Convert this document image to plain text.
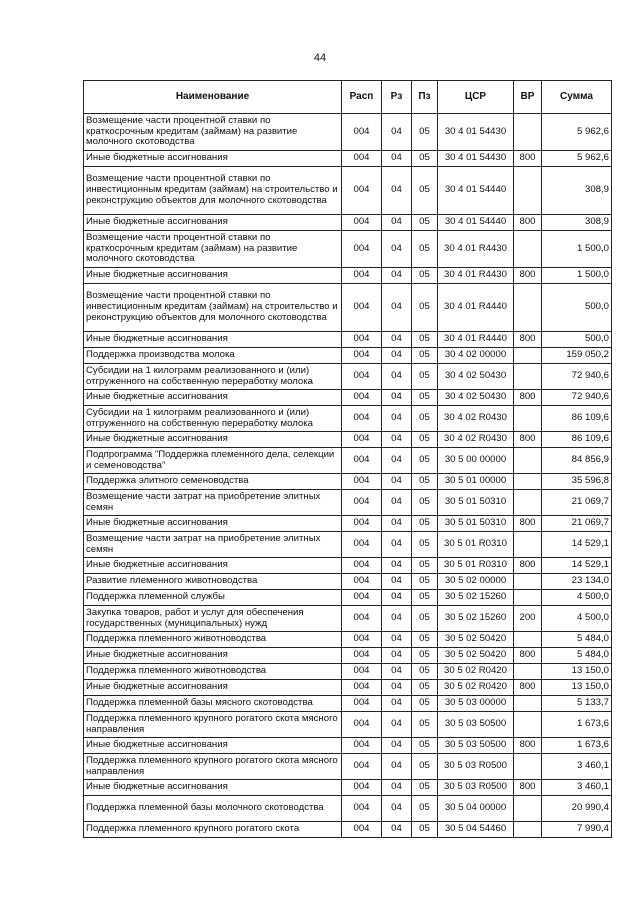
44
Наименование	Расп	Рз	Пз	ЦСР	ВР	Сумма
Возмещение части процентной ставки по краткосрочным кредитам (займам) на развитие молочного скотоводства	004	04	05	30 4 01 54430		5 962,6
Иные бюджетные ассигнования	004	04	05	30 4 01 54430	800	5 962,6
Возмещение части процентной ставки по инвестиционным кредитам (займам) на строительство и реконструкцию объектов для молочного скотоводства	004	04	05	30 4 01 54440		308,9
Иные бюджетные ассигнования	004	04	05	30 4 01 54440	800	308,9
Возмещение части процентной ставки по краткосрочным кредитам (займам) на развитие молочного скотоводства	004	04	05	30 4 01 R4430		1 500,0
Иные бюджетные ассигнования	004	04	05	30 4 01 R4430	800	1 500,0
Возмещение части процентной ставки по инвестиционным кредитам (займам) на строительство и реконструкцию объектов для молочного скотоводства	004	04	05	30 4 01 R4440		500,0
Иные бюджетные ассигнования	004	04	05	30 4 01 R4440	800	500,0
Поддержка производства молока	004	04	05	30 4 02 00000		159 050,2
Субсидии на 1 килограмм реализованного и (или) отгруженного на собственную переработку молока	004	04	05	30 4 02 50430		72 940,6
Иные бюджетные ассигнования	004	04	05	30 4 02 50430	800	72 940,6
Субсидии на 1 килограмм реализованного и (или) отгруженного на собственную переработку молока	004	04	05	30 4 02 R0430		86 109,6
Иные бюджетные ассигнования	004	04	05	30 4 02 R0430	800	86 109,6
Подпрограмма "Поддержка племенного дела, селекции и семеноводства"	004	04	05	30 5 00 00000		84 856,9
Поддержка элитного семеноводства	004	04	05	30 5 01 00000		35 596,8
Возмещение части затрат на приобретение элитных семян	004	04	05	30 5 01 50310		21 069,7
Иные бюджетные ассигнования	004	04	05	30 5 01 50310	800	21 069,7
Возмещение части затрат на приобретение элитных семян	004	04	05	30 5 01 R0310		14 529,1
Иные бюджетные ассигнования	004	04	05	30 5 01 R0310	800	14 529,1
Развитие племенного животноводства	004	04	05	30 5 02 00000		23 134,0
Поддержка племенной службы	004	04	05	30 5 02 15260		4 500,0
Закупка товаров, работ и услуг для обеспечения государственных (муниципальных) нужд	004	04	05	30 5 02 15260	200	4 500,0
Поддержка племенного животноводства	004	04	05	30 5 02 50420		5 484,0
Иные бюджетные ассигнования	004	04	05	30 5 02 50420	800	5 484,0
Поддержка племенного животноводства	004	04	05	30 5 02 R0420		13 150,0
Иные бюджетные ассигнования	004	04	05	30 5 02 R0420	800	13 150,0
Поддержка племенной базы мясного скотоводства	004	04	05	30 5 03 00000		5 133,7
Поддержка племенного крупного рогатого скота мясного направления	004	04	05	30 5 03 50500		1 673,6
Иные бюджетные ассигнования	004	04	05	30 5 03 50500	800	1 673,6
Поддержка племенного крупного рогатого скота мясного направления	004	04	05	30 5 03 R0500		3 460,1
Иные бюджетные ассигнования	004	04	05	30 5 03 R0500	800	3 460,1
Поддержка племенной базы молочного скотоводства	004	04	05	30 5 04 00000		20 990,4
Поддержка племенного крупного рогатого скота	004	04	05	30 5 04 54460		7 990,4
